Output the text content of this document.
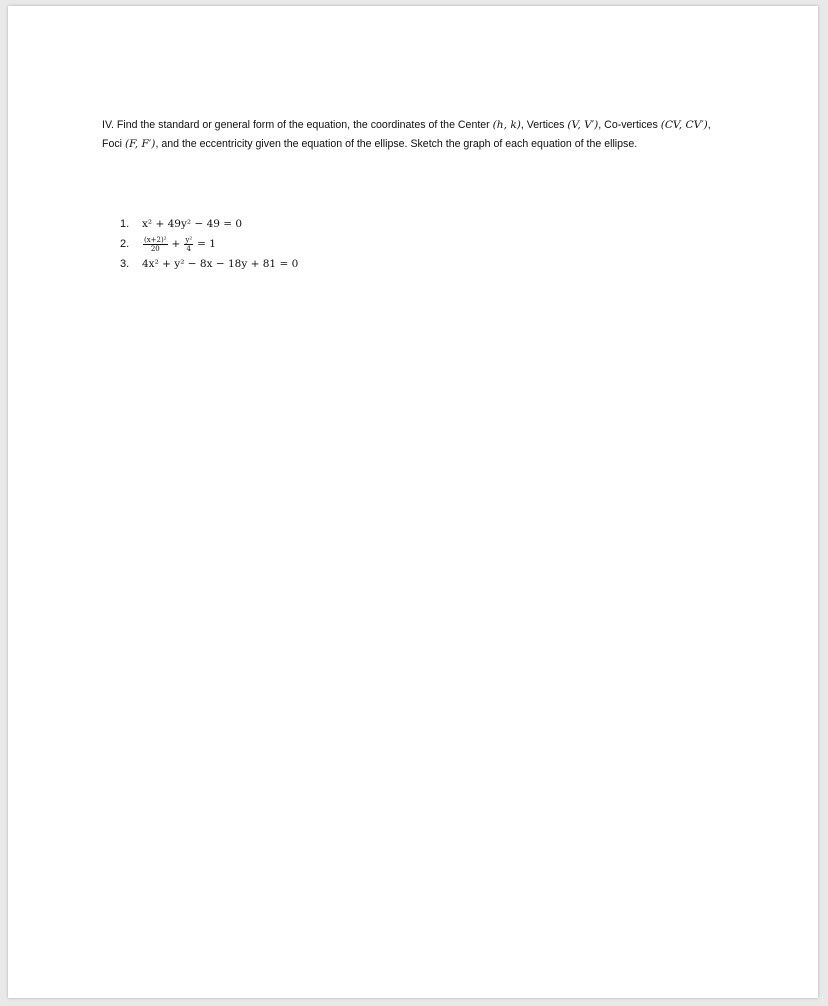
IV. Find the standard or general form of the equation, the coordinates of the Center (h, k), Vertices (V, V′), Co-vertices (CV, CV′), Foci (F, F′), and the eccentricity given the equation of the ellipse. Sketch the graph of each equation of the ellipse.

1.	x² + 49y² − 49 = 0
2.	$\frac{\text{(x+2)²}}{20} + \frac{\text{y²}}{4} = 1$
3.	4x² + y² − 8x − 18y + 81 = 0
